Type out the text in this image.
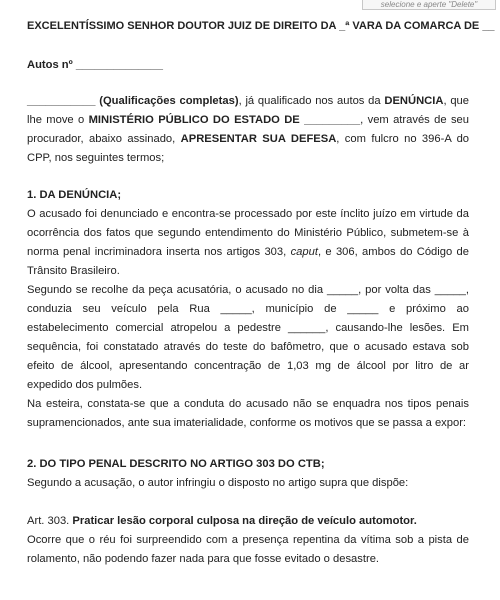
selecione e aperte "Delete"

EXCELENTÍSSIMO SENHOR DOUTOR JUIZ DE DIREITO DA _ª VARA DA COMARCA DE __

Autos nº ______________

___________ (Qualificações completas), já qualificado nos autos da DENÚNCIA, que lhe move o MINISTÉRIO PÚBLICO DO ESTADO DE _________, vem através de seu procurador, abaixo assinado, APRESENTAR SUA DEFESA, com fulcro no 396-A do CPP, nos seguintes termos;

1. DA DENÚNCIA;

O acusado foi denunciado e encontra-se processado por este ínclito juízo em virtude da ocorrência dos fatos que segundo entendimento do Ministério Público, submetem-se à norma penal incriminadora inserta nos artigos 303, caput, e 306, ambos do Código de Trânsito Brasileiro.

Segundo se recolhe da peça acusatória, o acusado no dia _____, por volta das _____, conduzia seu veículo pela Rua _____, município de _____ e próximo ao estabelecimento comercial atropelou a pedestre ______, causando-lhe lesões. Em sequência, foi constatado através do teste do bafômetro, que o acusado estava sob efeito de álcool, apresentando concentração de 1,03 mg de álcool por litro de ar expedido dos pulmões.

Na esteira, constata-se que a conduta do acusado não se enquadra nos tipos penais supramencionados, ante sua imaterialidade, conforme os motivos que se passa a expor:

2. DO TIPO PENAL DESCRITO NO ARTIGO 303 DO CTB;

Segundo a acusação, o autor infringiu o disposto no artigo supra que dispõe:

Art. 303. Praticar lesão corporal culposa na direção de veículo automotor.

Ocorre que o réu foi surpreendido com a presença repentina da vítima sob a pista de rolamento, não podendo fazer nada para que fosse evitado o desastre.
